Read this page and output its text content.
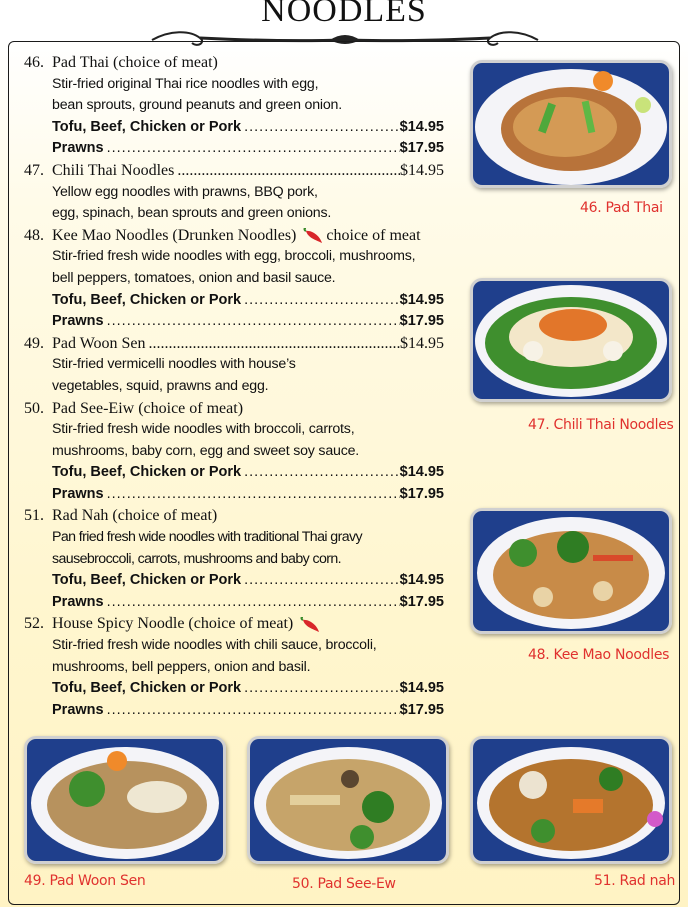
NOODLES
46. Pad Thai (choice of meat)
Stir-fried original Thai rice noodles with egg,
bean sprouts, ground peanuts and green onion.
Tofu, Beef, Chicken or Pork .....	$14.95
Prawns .....	$17.95
47. Chili Thai Noodles .....	$14.95
Yellow egg noodles with prawns, BBQ pork,
egg, spinach, bean sprouts and green onions.
48. Kee Mao Noodles (Drunken Noodles) choice of meat
Stir-fried fresh wide noodles with egg, broccoli, mushrooms,
bell peppers, tomatoes, onion and basil sauce.
Tofu, Beef, Chicken or Pork .....	$14.95
Prawns .....	$17.95
49. Pad Woon Sen .....	$14.95
Stir-fried vermicelli noodles with house’s
vegetables, squid, prawns and egg.
50. Pad See-Eiw (choice of meat)
Stir-fried fresh wide noodles with broccoli, carrots,
mushrooms, baby corn, egg and sweet soy sauce.
Tofu, Beef, Chicken or Pork .....	$14.95
Prawns .....	$17.95
51. Rad Nah (choice of meat)
Pan fried fresh wide noodles with traditional Thai gravy
sausebroccoli, carrots, mushrooms and baby corn.
Tofu, Beef, Chicken or Pork .....	$14.95
Prawns .....	$17.95
52. House Spicy Noodle (choice of meat)
Stir-fried fresh wide noodles with chili sauce, broccoli,
mushrooms, bell peppers, onion and basil.
Tofu, Beef, Chicken or Pork .....	$14.95
Prawns .....	$17.95
46. Pad Thai
47. Chili Thai Noodles
48. Kee Mao Noodles
49. Pad Woon Sen	50. Pad See-Ew	51. Rad nah
